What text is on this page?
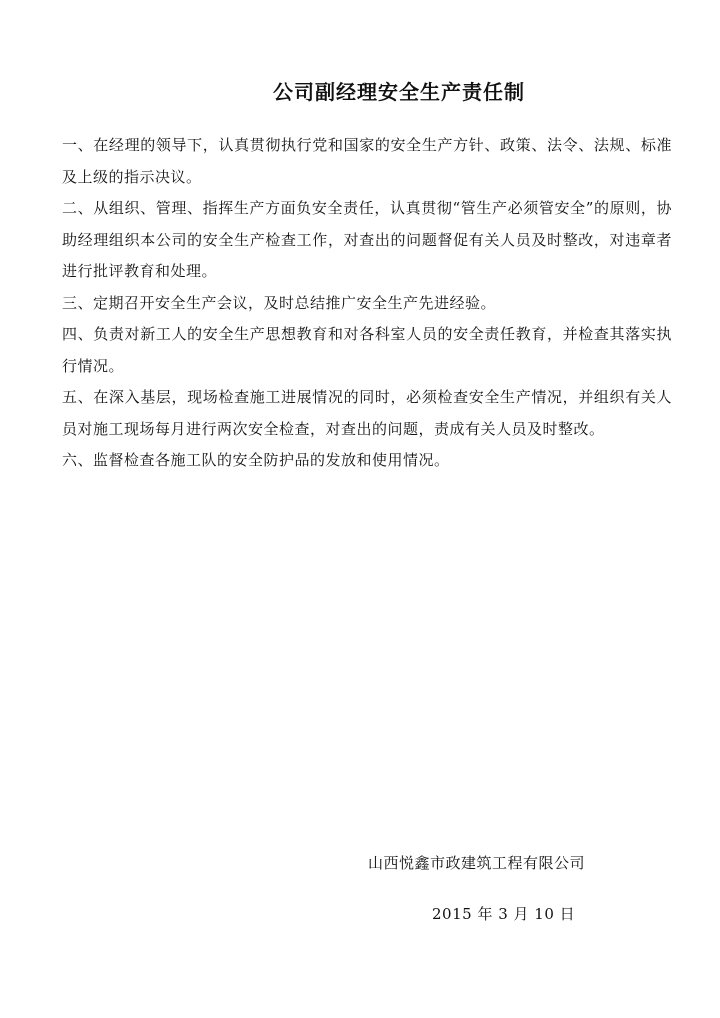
公司副经理安全生产责任制

一、在经理的领导下，认真贯彻执行党和国家的安全生产方针、政策、法令、法规、标准及上级的指示决议。

二、从组织、管理、指挥生产方面负安全责任，认真贯彻“管生产必须管安全”的原则，协助经理组织本公司的安全生产检查工作，对查出的问题督促有关人员及时整改，对违章者进行批评教育和处理。

三、定期召开安全生产会议，及时总结推广安全生产先进经验。

四、负责对新工人的安全生产思想教育和对各科室人员的安全责任教育，并检查其落实执行情况。

五、在深入基层，现场检查施工进展情况的同时，必须检查安全生产情况，并组织有关人员对施工现场每月进行两次安全检查，对查出的问题，责成有关人员及时整改。

六、监督检查各施工队的安全防护品的发放和使用情况。

山西悦鑫市政建筑工程有限公司
2015 年 3 月 10 日
